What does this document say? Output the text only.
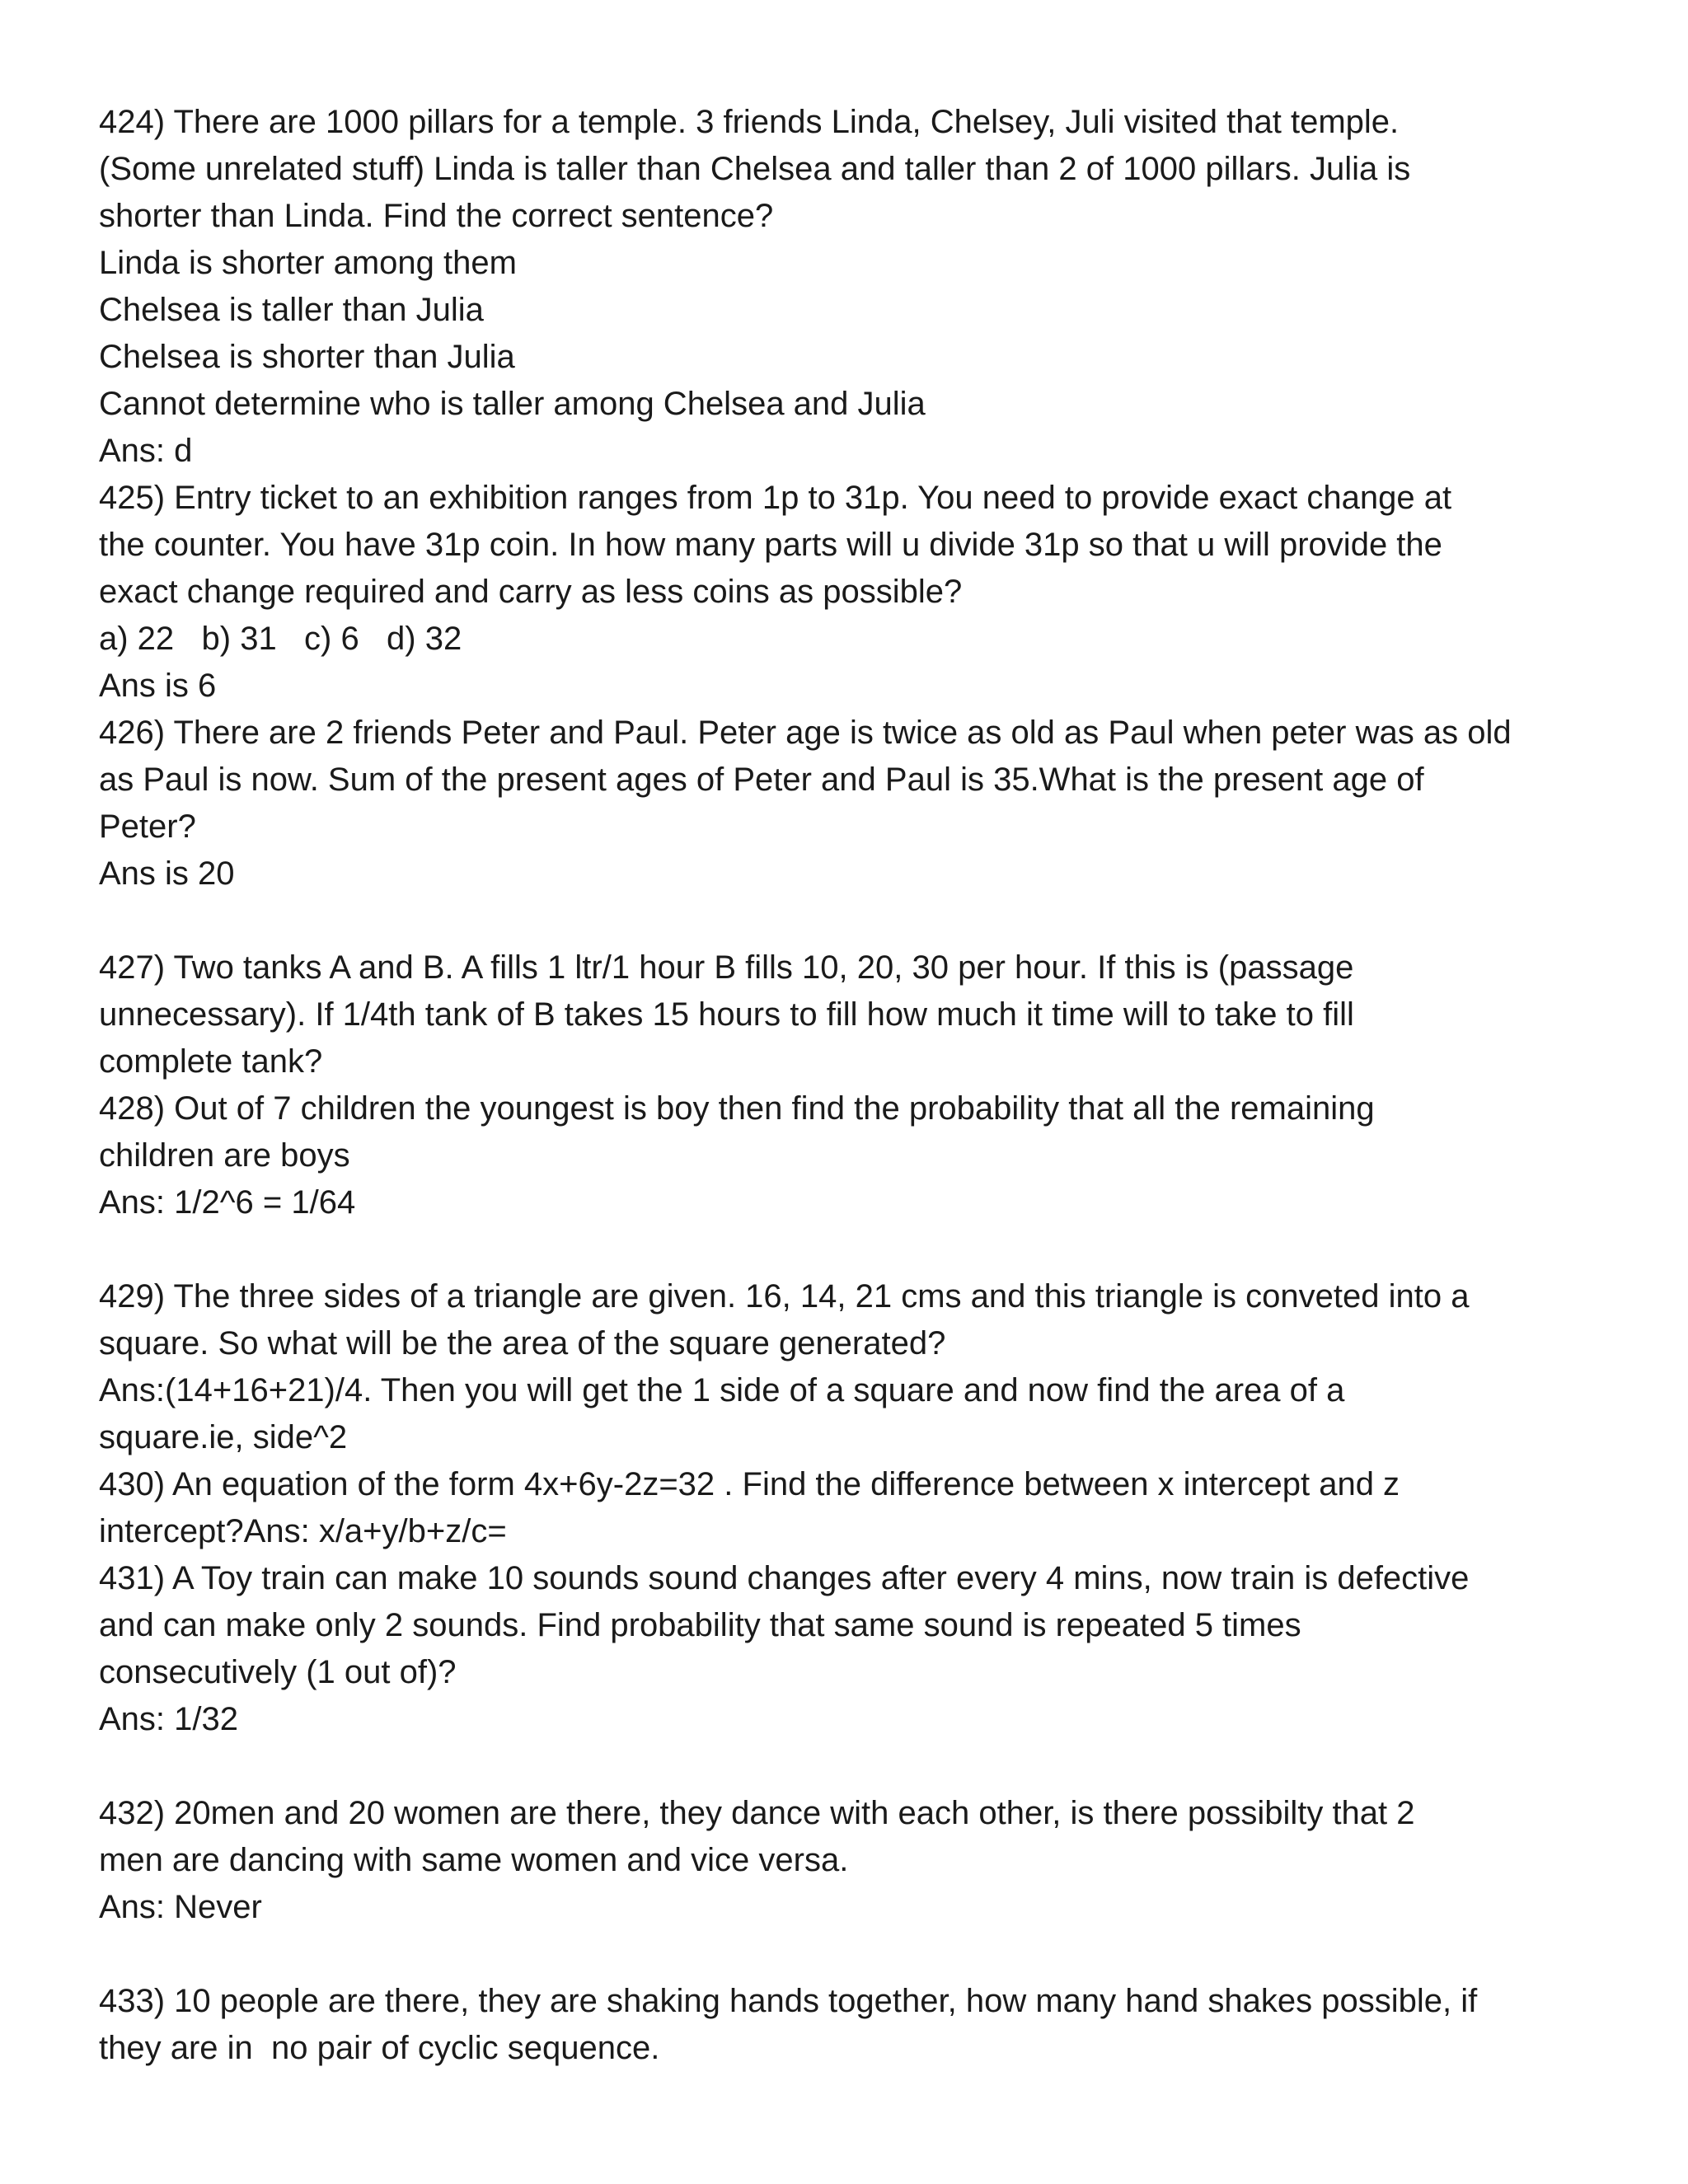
424) There are 1000 pillars for a temple. 3 friends Linda, Chelsey, Juli visited that temple.
(Some unrelated stuff) Linda is taller than Chelsea and taller than 2 of 1000 pillars. Julia is
shorter than Linda. Find the correct sentence?
Linda is shorter among them
Chelsea is taller than Julia
Chelsea is shorter than Julia
Cannot determine who is taller among Chelsea and Julia
Ans: d
425) Entry ticket to an exhibition ranges from 1p to 31p. You need to provide exact change at
the counter. You have 31p coin. In how many parts will u divide 31p so that u will provide the
exact change required and carry as less coins as possible?
a) 22   b) 31   c) 6   d) 32
Ans is 6
426) There are 2 friends Peter and Paul. Peter age is twice as old as Paul when peter was as old
as Paul is now. Sum of the present ages of Peter and Paul is 35.What is the present age of
Peter?
Ans is 20
427) Two tanks A and B. A fills 1 ltr/1 hour B fills 10, 20, 30 per hour. If this is (passage
unnecessary). If 1/4th tank of B takes 15 hours to fill how much it time will to take to fill
complete tank?
428) Out of 7 children the youngest is boy then find the probability that all the remaining
children are boys
Ans: 1/2^6 = 1/64
429) The three sides of a triangle are given. 16, 14, 21 cms and this triangle is conveted into a
square. So what will be the area of the square generated?
Ans:(14+16+21)/4. Then you will get the 1 side of a square and now find the area of a
square.ie, side^2
430) An equation of the form 4x+6y-2z=32 . Find the difference between x intercept and z
intercept?Ans: x/a+y/b+z/c=
431) A Toy train can make 10 sounds sound changes after every 4 mins, now train is defective
and can make only 2 sounds. Find probability that same sound is repeated 5 times
consecutively (1 out of)?
Ans: 1/32
432) 20men and 20 women are there, they dance with each other, is there possibilty that 2
men are dancing with same women and vice versa.
Ans: Never
433) 10 people are there, they are shaking hands together, how many hand shakes possible, if
they are in  no pair of cyclic sequence.
